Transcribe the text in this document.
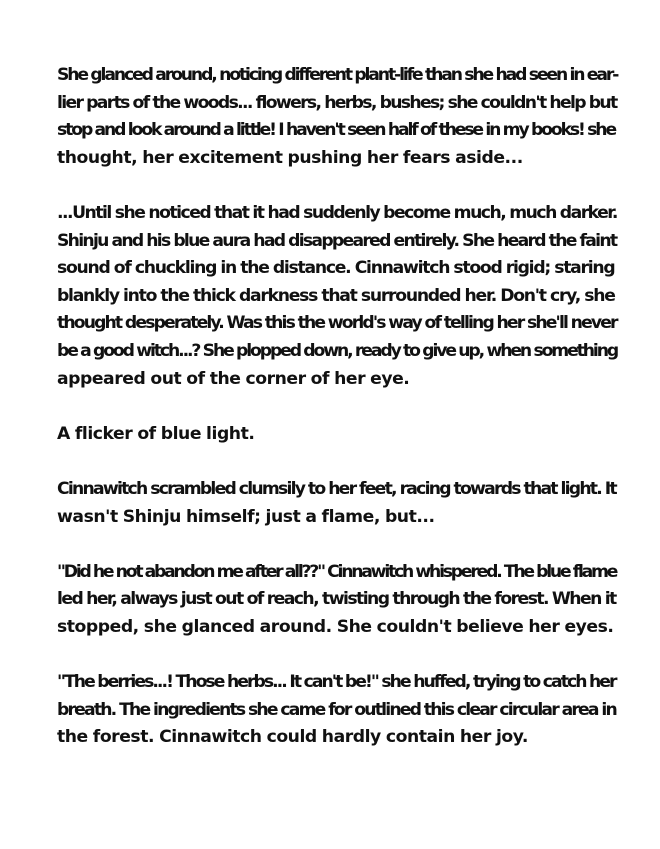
She glanced around, noticing different plant-life than she had seen in ear-
lier parts of the woods... flowers, herbs, bushes; she couldn't help but
stop and look around a little! I haven't seen half of these in my books! she
thought, her excitement pushing her fears aside...

...Until she noticed that it had suddenly become much, much darker.
Shinju and his blue aura had disappeared entirely. She heard the faint
sound of chuckling in the distance. Cinnawitch stood rigid; staring
blankly into the thick darkness that surrounded her. Don't cry, she
thought desperately. Was this the world's way of telling her she'll never
be a good witch...? She plopped down, ready to give up, when something
appeared out of the corner of her eye.

A flicker of blue light.

Cinnawitch scrambled clumsily to her feet, racing towards that light. It
wasn't Shinju himself; just a flame, but...

"Did he not abandon me after all??" Cinnawitch whispered. The blue flame
led her, always just out of reach, twisting through the forest. When it
stopped, she glanced around. She couldn't believe her eyes.

"The berries...! Those herbs... It can't be!" she huffed, trying to catch her
breath. The ingredients she came for outlined this clear circular area in
the forest. Cinnawitch could hardly contain her joy.
